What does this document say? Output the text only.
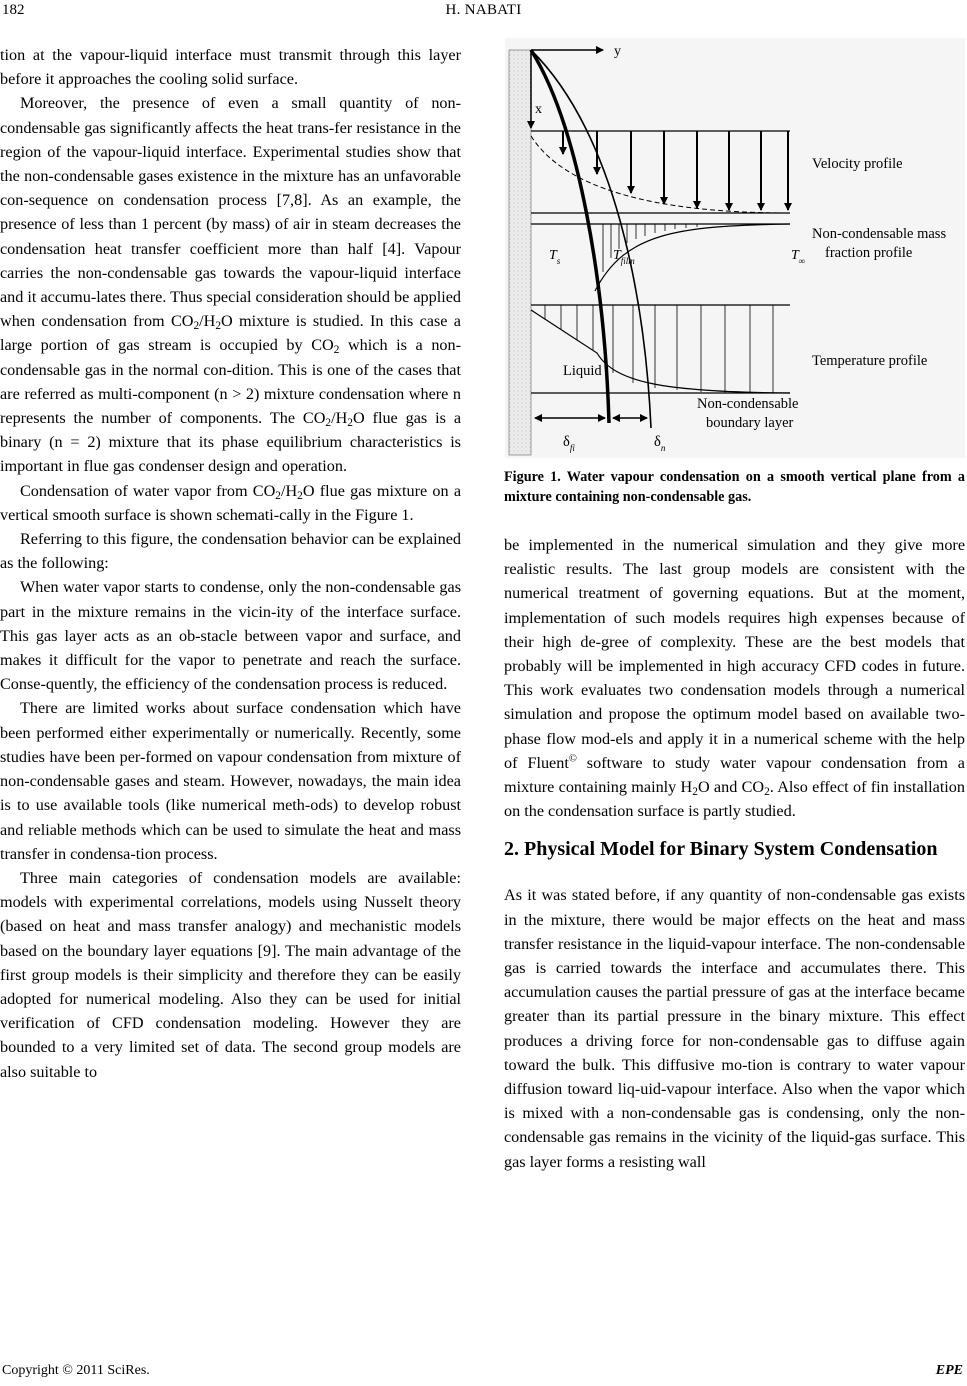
182	H. NABATI

tion at the vapour-liquid interface must transmit through this layer before it approaches the cooling solid surface.

Moreover, the presence of even a small quantity of non-condensable gas significantly affects the heat trans-fer resistance in the region of the vapour-liquid interface. Experimental studies show that the non-condensable gases existence in the mixture has an unfavorable con-sequence on condensation process [7,8]. As an example, the presence of less than 1 percent (by mass) of air in steam decreases the condensation heat transfer coefficient more than half [4]. Vapour carries the non-condensable gas towards the vapour-liquid interface and it accumu-lates there. Thus special consideration should be applied when condensation from $CO_2/H_2O$ mixture is studied. In this case a large portion of gas stream is occupied by $CO_2$ which is a non-condensable gas in the normal con-dition. This is one of the cases that are referred as multi-component (n > 2) mixture condensation where n represents the number of components. The $CO_2/H_2O$ flue gas is a binary (n = 2) mixture that its phase equilibrium characteristics is important in flue gas condenser design and operation.

Condensation of water vapor from $CO_2/H_2O$ flue gas mixture on a vertical smooth surface is shown schemati-cally in the Figure 1.

Referring to this figure, the condensation behavior can be explained as the following:

When water vapor starts to condense, only the non-condensable gas part in the mixture remains in the vicin-ity of the interface surface. This gas layer acts as an ob-stacle between vapor and surface, and makes it difficult for the vapor to penetrate and reach the surface. Conse-quently, the efficiency of the condensation process is reduced.

There are limited works about surface condensation which have been performed either experimentally or numerically. Recently, some studies have been per-formed on vapour condensation from mixture of non-condensable gases and steam. However, nowadays, the main idea is to use available tools (like numerical meth-ods) to develop robust and reliable methods which can be used to simulate the heat and mass transfer in condensa-tion process.

Three main categories of condensation models are available: models with experimental correlations, models using Nusselt theory (based on heat and mass transfer analogy) and mechanistic models based on the boundary layer equations [9]. The main advantage of the first group models is their simplicity and therefore they can be easily adopted for numerical modeling. Also they can be used for initial verification of CFD condensation modeling. However they are bounded to a very limited set of data. The second group models are also suitable to

y
x
Velocity profile
Non-condensable mass
fraction profile
Temperature profile
Liquid
Non-condensable
boundary layer
$T_s$	$T_{film}$	$T_\infty$
$\delta_{fi}$	$\delta_n$
Figure 1. Water vapour condensation on a smooth vertical plane from a mixture containing non-condensable gas.

be implemented in the numerical simulation and they give more realistic results. The last group models are consistent with the numerical treatment of governing equations. But at the moment, implementation of such models requires high expenses because of their high de-gree of complexity. These are the best models that probably will be implemented in high accuracy CFD codes in future. This work evaluates two condensation models through a numerical simulation and propose the optimum model based on available two-phase flow mod-els and apply it in a numerical scheme with the help of Fluent© software to study water vapour condensation from a mixture containing mainly $H_2O$ and $CO_2$. Also effect of fin installation on the condensation surface is partly studied.

2. Physical Model for Binary System Condensation

As it was stated before, if any quantity of non-condensable gas exists in the mixture, there would be major effects on the heat and mass transfer resistance in the liquid-vapour interface. The non-condensable gas is carried towards the interface and accumulates there. This accumulation causes the partial pressure of gas at the interface became greater than its partial pressure in the binary mixture. This effect produces a driving force for non-condensable gas to diffuse again toward the bulk. This diffusive mo-tion is contrary to water vapour diffusion toward liq-uid-vapour interface. Also when the vapor which is mixed with a non-condensable gas is condensing, only the non-condensable gas remains in the vicinity of the liquid-gas surface. This gas layer forms a resisting wall

Copyright © 2011 SciRes.	EPE
